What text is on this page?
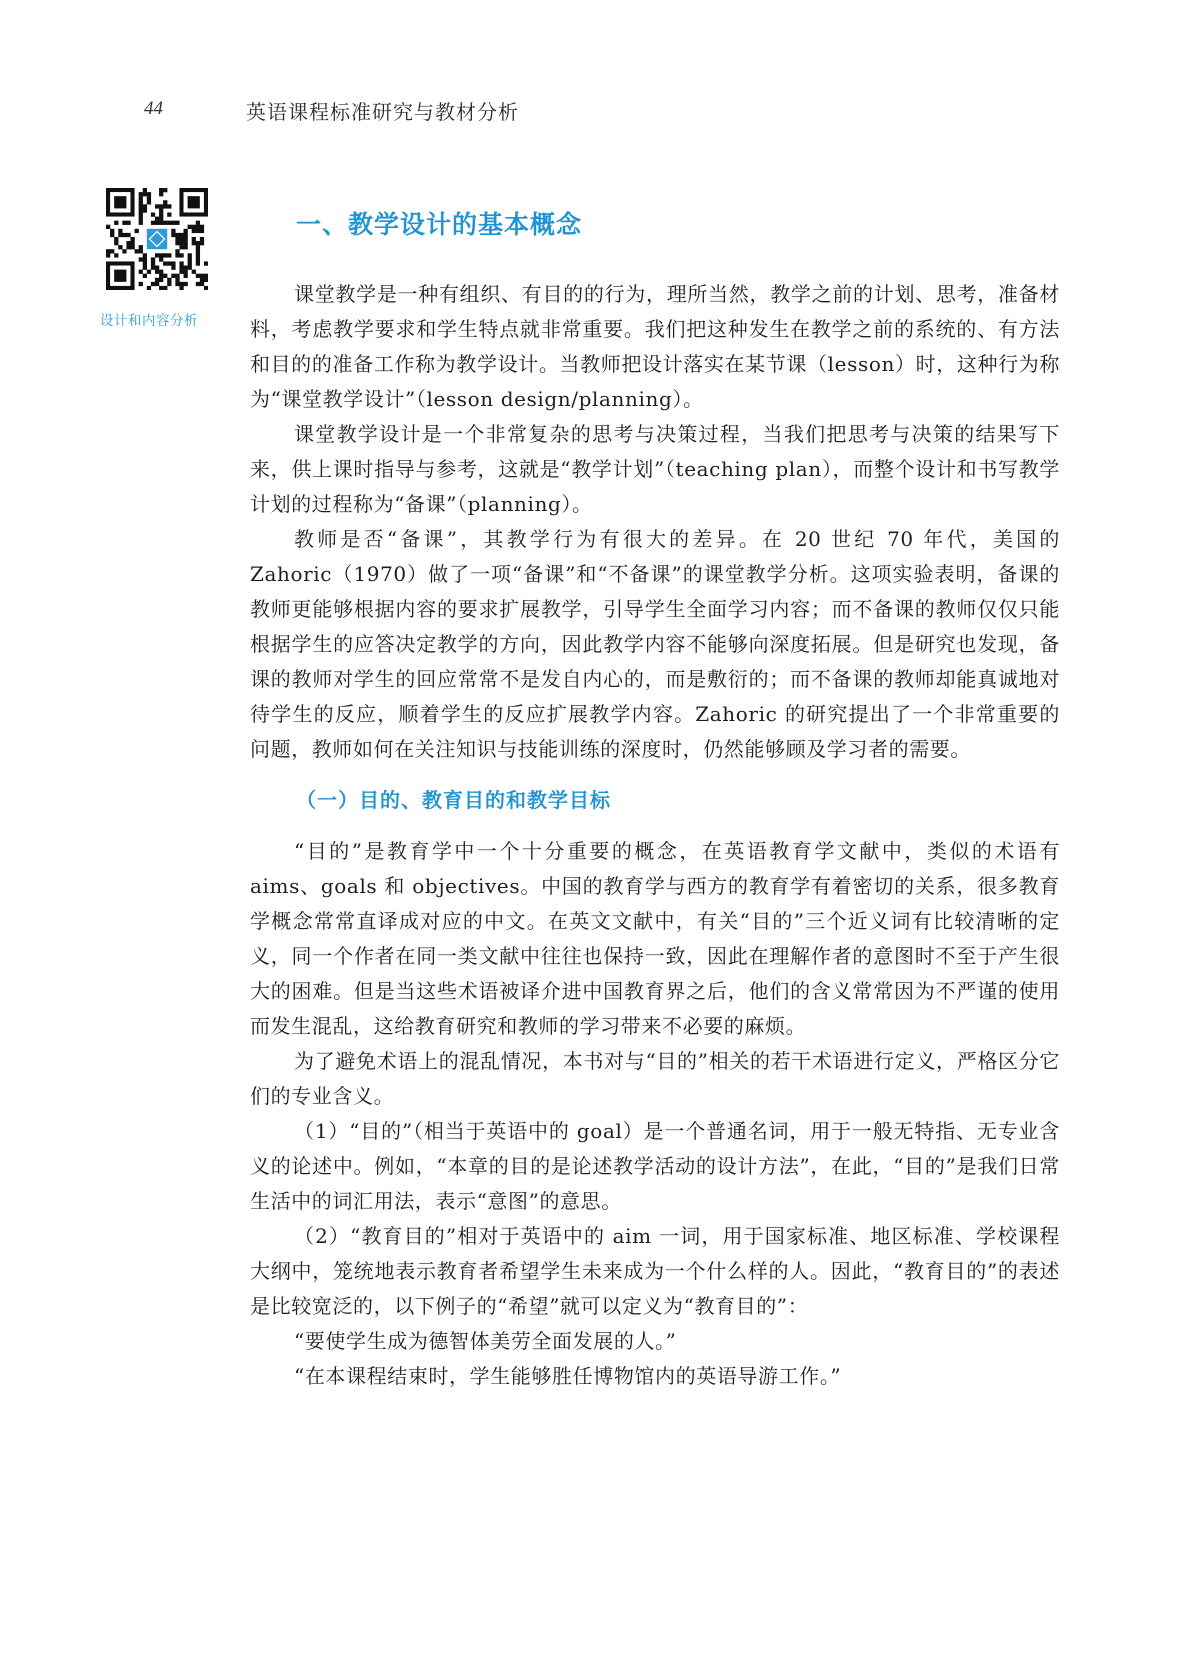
44	英语课程标准研究与教材分析
设计和内容分析
一、教学设计的基本概念

课堂教学是一种有组织、有目的的行为，理所当然，教学之前的计划、思考，准备材料，考虑教学要求和学生特点就非常重要。我们把这种发生在教学之前的系统的、有方法和目的的准备工作称为教学设计。当教师把设计落实在某节课（lesson）时，这种行为称为“课堂教学设计”（lesson design/planning）。

课堂教学设计是一个非常复杂的思考与决策过程，当我们把思考与决策的结果写下来，供上课时指导与参考，这就是“教学计划”（teaching plan），而整个设计和书写教学计划的过程称为“备课”（planning）。

教师是否“备课”，其教学行为有很大的差异。在 20 世纪 70 年代，美国的 Zahoric（1970）做了一项“备课”和“不备课”的课堂教学分析。这项实验表明，备课的教师更能够根据内容的要求扩展教学，引导学生全面学习内容；而不备课的教师仅仅只能根据学生的应答决定教学的方向，因此教学内容不能够向深度拓展。但是研究也发现，备课的教师对学生的回应常常不是发自内心的，而是敷衍的；而不备课的教师却能真诚地对待学生的反应，顺着学生的反应扩展教学内容。Zahoric 的研究提出了一个非常重要的问题，教师如何在关注知识与技能训练的深度时，仍然能够顾及学习者的需要。

（一）目的、教育目的和教学目标

“目的”是教育学中一个十分重要的概念，在英语教育学文献中，类似的术语有 aims、goals 和 objectives。中国的教育学与西方的教育学有着密切的关系，很多教育学概念常常直译成对应的中文。在英文文献中，有关“目的”三个近义词有比较清晰的定义，同一个作者在同一类文献中往往也保持一致，因此在理解作者的意图时不至于产生很大的困难。但是当这些术语被译介进中国教育界之后，他们的含义常常因为不严谨的使用而发生混乱，这给教育研究和教师的学习带来不必要的麻烦。

为了避免术语上的混乱情况，本书对与“目的”相关的若干术语进行定义，严格区分它们的专业含义。

（1）“目的”（相当于英语中的 goal）是一个普通名词，用于一般无特指、无专业含义的论述中。例如，“本章的目的是论述教学活动的设计方法”，在此，“目的”是我们日常生活中的词汇用法，表示“意图”的意思。

（2）“教育目的”相对于英语中的 aim 一词，用于国家标准、地区标准、学校课程大纲中，笼统地表示教育者希望学生未来成为一个什么样的人。因此，“教育目的”的表述是比较宽泛的，以下例子的“希望”就可以定义为“教育目的”：

“要使学生成为德智体美劳全面发展的人。”

“在本课程结束时，学生能够胜任博物馆内的英语导游工作。”
